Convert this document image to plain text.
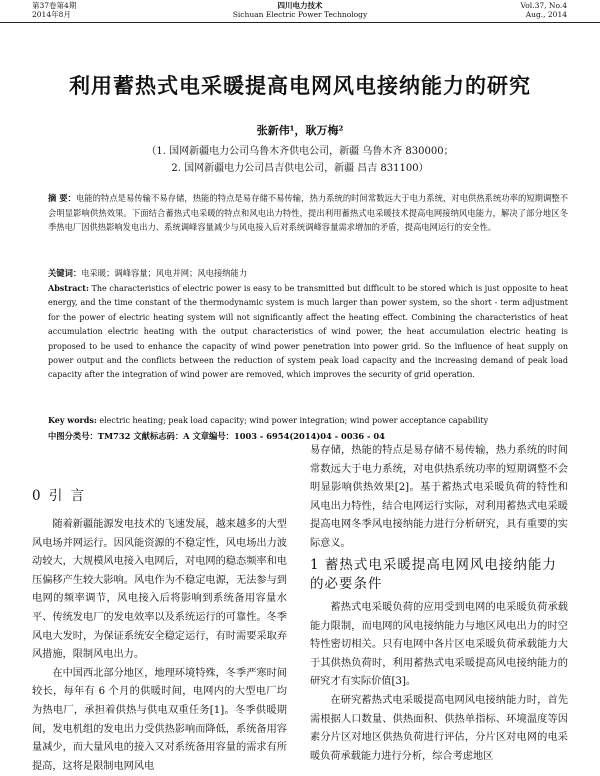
第37卷第4期
2014年8月
四川电力技术
Sichuan Electric Power Technology
Vol.37, No.4
Aug., 2014
利用蓄热式电采暖提高电网风电接纳能力的研究
张新伟¹，耿万梅²
（1. 国网新疆电力公司乌鲁木齐供电公司，新疆 乌鲁木齐 830000；
2. 国网新疆电力公司昌吉供电公司，新疆 昌吉 831100）
摘 要：电能的特点是易传输不易存储，热能的特点是易存储不易传输，热力系统的时间常数远大于电力系统，对电供热系统功率的短期调整不会明显影响供热效果。下面结合蓄热式电采暖的特点和风电出力特性，提出利用蓄热式电采暖技术提高电网接纳风电能力，解决了部分地区冬季热电厂因供热影响发电出力、系统调峰容量减少与风电接入后对系统调峰容量需求增加的矛盾，提高电网运行的安全性。
关键词：电采暖；调峰容量；风电并网；风电接纳能力
Abstract: The characteristics of electric power is easy to be transmitted but difficult to be stored which is just opposite to heat energy, and the time constant of the thermodynamic system is much larger than power system, so the short - term adjustment for the power of electric heating system will not significantly affect the heating effect. Combining the characteristics of heat accumulation electric heating with the output characteristics of wind power, the heat accumulation electric heating is proposed to be used to enhance the capacity of wind power penetration into power grid. So the influence of heat supply on power output and the conflicts between the reduction of system peak load capacity and the increasing demand of peak load capacity after the integration of wind power are removed, which improves the security of grid operation.
Key words: electric heating; peak load capacity; wind power integration; wind power acceptance capability
中图分类号：TM732 文献标志码：A 文章编号：1003 - 6954(2014)04 - 0036 - 04
0 引 言

随着新疆能源发电技术的飞速发展，越来越多的大型风电场并网运行。因风能资源的不稳定性，风电场出力波动较大，大规模风电接入电网后，对电网的稳态频率和电压偏移产生较大影响。风电作为不稳定电源，无法参与到电网的频率调节，风电接入后将影响到系统备用容量水平、传统发电厂的发电效率以及系统运行的可靠性。冬季风电大发时，为保证系统安全稳定运行，有时需要采取弃风措施，限制风电出力。

在中国西北部分地区，地理环境特殊，冬季严寒时间较长，每年有 6 个月的供暖时间，电网内的大型电厂均为热电厂，承担着供热与供电双重任务[1]。冬季供暖期间，发电机组的发电出力受供热影响而降低，系统备用容量减少，而大量风电的接入又对系统备用容量的需求有所提高，这将是限制电网风电

易存储，热能的特点是易存储不易传输，热力系统的时间常数远大于电力系统，对电供热系统功率的短期调整不会明显影响供热效果[2]。基于蓄热式电采暖负荷的特性和风电出力特性，结合电网运行实际，对利用蓄热式电采暖提高电网冬季风电接纳能力进行分析研究，具有重要的实际意义。

1 蓄热式电采暖提高电网风电接纳能力的必要条件

蓄热式电采暖负荷的应用受到电网的电采暖负荷承载能力限制，而电网的风电接纳能力与地区风电出力的时空特性密切相关。只有电网中各片区电采暖负荷承载能力大于其供热负荷时，利用蓄热式电采暖提高风电接纳能力的研究才有实际价值[3]。

在研究蓄热式电采暖提高电网风电接纳能力时，首先需根据人口数量、供热面积、供热单指标、环境温度等因素分片区对地区供热负荷进行评估，分片区对电网的电采暖负荷承载能力进行分析，综合考虑地区
